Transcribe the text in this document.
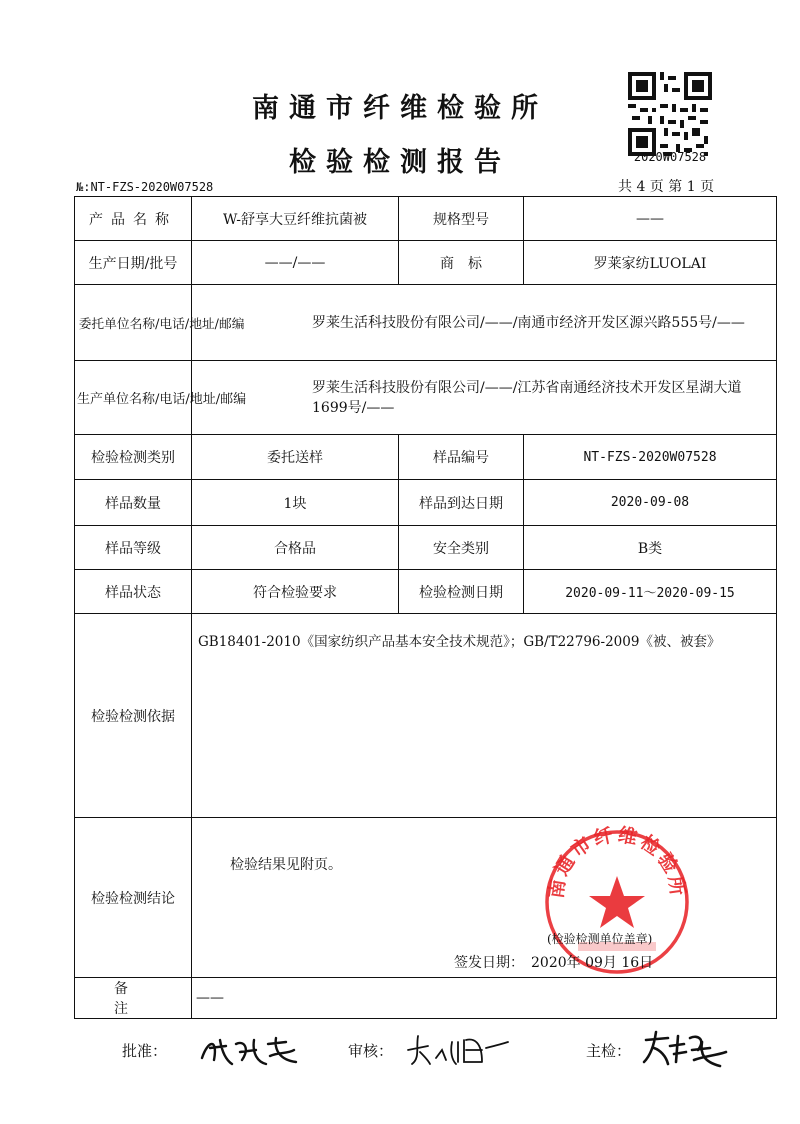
南通市纤维检验所
检验检测报告	2020W07528
№:NT-FZS-2020W07528	共 4 页 第 1 页
产品名称	W-舒享大豆纤维抗菌被	规格型号	——
生产日期/批号	——/——	商　标	罗莱家纺LUOLAI
委托单位名称/电话/地址/邮编	罗莱生活科技股份有限公司/——/南通市经济开发区源兴路555号/——		
生产单位名称/电话/地址/邮编	罗莱生活科技股份有限公司/——/江苏省南通经济技术开发区星湖大道1699号/——		
检验检测类别	委托送样	样品编号	NT-FZS-2020W07528
样品数量	1块	样品到达日期	2020-09-08
样品等级	合格品	安全类别	B类
样品状态	符合检验要求	检验检测日期	2020-09-11～2020-09-15
检验检测依据	GB18401-2010《国家纺织产品基本安全技术规范》；GB/T22796-2009《被、被套》		
检验检测结论	检验结果见附页。
南通市纤维检验所
(检验检测单位盖章)
签发日期：　2020年 09月 16日		

备　注	——		
批准：	审核：	主检：
